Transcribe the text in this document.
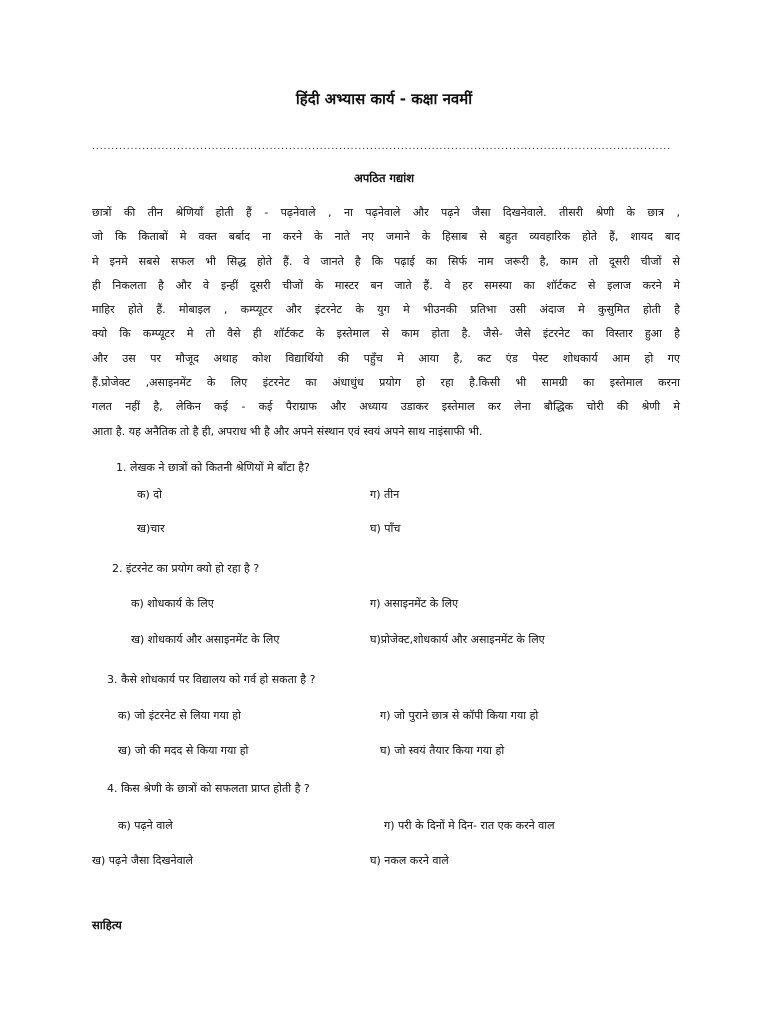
हिंदी अभ्यास कार्य - कक्षा नवमीं
......................................................................................................................................................
अपठित गद्यांश
छात्रों की तीन श्रेणियाँ होती हैं - पढ़नेवाले , ना पढ़नेवाले और पढ़ने जैसा दिखनेवाले. तीसरी श्रेणी के छात्र ,
जो कि किताबों मे वक्त बर्बाद ना करने के नाते नए जमाने के हिसाब से बहुत व्यवहारिक होते हैं, शायद बाद
मे इनमे सबसे सफल भी सिद्ध होते हैं. वे जानते है कि पढ़ाई का सिर्फ नाम जरूरी है, काम तो दूसरी चीजों से
ही निकलता है और वे इन्हीं दूसरी चीजों के मास्टर बन जाते हैं. वे हर समस्या का शॉर्टकट से इलाज करने मे
माहिर होते हैं. मोबाइल , कम्प्यूटर और इंटरनेट के युग मे भीउनकी प्रतिभा उसी अंदाज मे कुसुमित होती है
क्यो कि कम्प्यूटर मे तो वैसे ही शॉर्टकट के इस्तेमाल से काम होता है. जैसे- जैसे इंटरनेट का विस्तार हुआ है
और उस पर मौजूद अथाह कोश विद्यार्थियो की पहुँच मे आया है, कट एंड पेस्ट शोधकार्य आम हो गए
हैं.प्रोजेक्ट ,असाइनमेंट के लिए इंटरनेट का अंधाधुंध प्रयोग हो रहा है.किसी भी सामग्री का इस्तेमाल करना
गलत नहीं है, लेकिन कई - कई पैराग्राफ और अध्याय उडाकर इस्तेमाल कर लेना बौद्धिक चोरी की श्रेणी मे
आता है. यह अनैतिक तो है ही, अपराध भी है और अपने संस्थान एवं स्वयं अपने साथ नाइंसाफी भी.
1. लेखक ने छात्रों को कितनी श्रेणियों मे बाँटा है?
क) दो	ग) तीन
ख)चार	घ) पाँच
2. इंटरनेट का प्रयोग क्यो हो रहा है ?
क) शोधकार्य के लिए	ग) असाइनमेंट के लिए
ख) शोधकार्य और असाइनमेंट के लिए	घ)प्रोजेक्ट,शोधकार्य और असाइनमेंट के लिए
3. कैसे शोधकार्य पर विद्यालय को गर्व हो सकता है ?
क) जो इंटरनेट से लिया गया हो	ग) जो पुराने छात्र से कॉपी किया गया हो
ख) जो की मदद से किया गया हो	घ) जो स्वयं तैयार किया गया हो
4. किस श्रेणी के छात्रों को सफलता प्राप्त होती है ?
क) पढ़ने वाले	ग) परी के दिनों मे दिन- रात एक करने वाल
ख) पढ़ने जैसा दिखनेवाले	घ) नकल करने वाले
साहित्य
